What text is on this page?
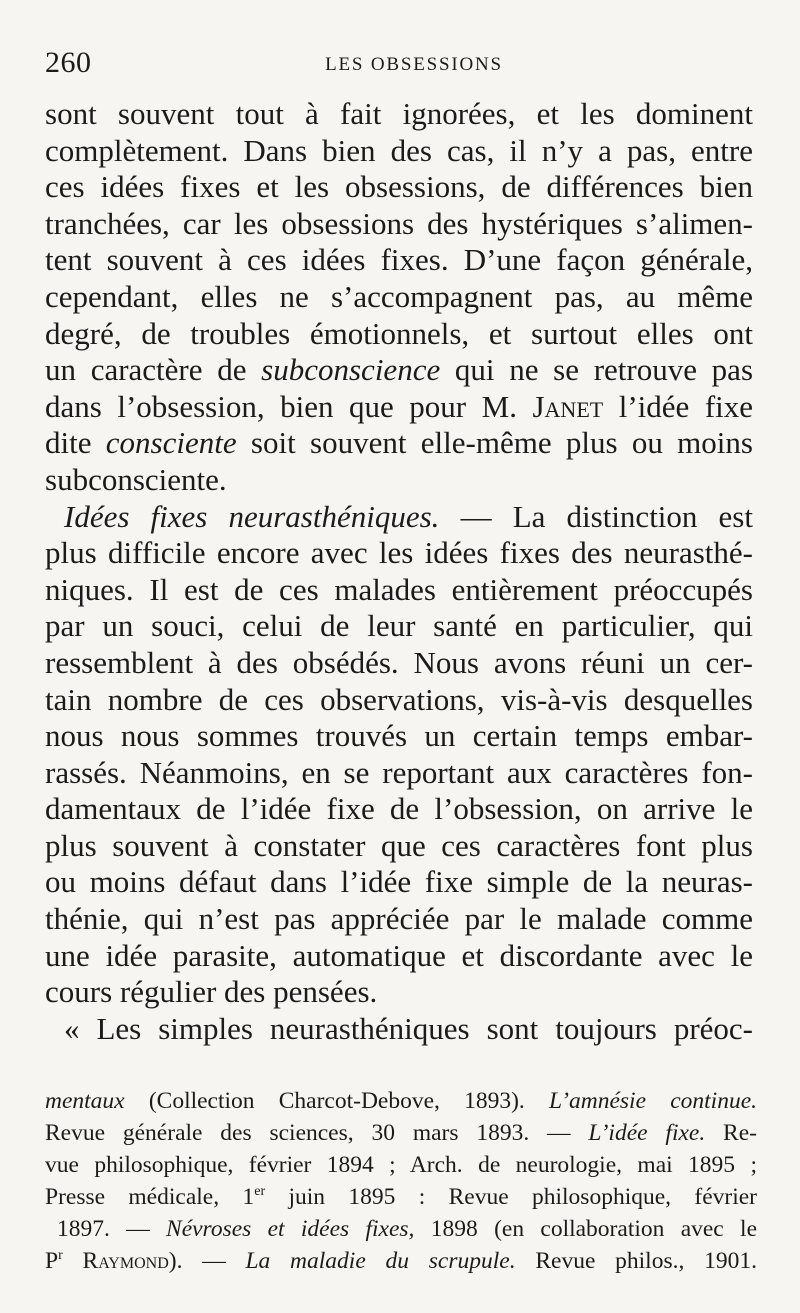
260	LES OBSESSIONS
sont souvent tout à fait ignorées, et les dominent
complètement. Dans bien des cas, il n’y a pas, entre
ces idées fixes et les obsessions, de différences bien
tranchées, car les obsessions des hystériques s’alimen-
tent souvent à ces idées fixes. D’une façon générale,
cependant, elles ne s’accompagnent pas, au même
degré, de troubles émotionnels, et surtout elles ont
un caractère de subconscience qui ne se retrouve pas
dans l’obsession, bien que pour M. Janet l’idée fixe
dite consciente soit souvent elle-même plus ou moins
subconsciente.
Idées fixes neurasthéniques. — La distinction est
plus difficile encore avec les idées fixes des neurasthé-
niques. Il est de ces malades entièrement préoccupés
par un souci, celui de leur santé en particulier, qui
ressemblent à des obsédés. Nous avons réuni un cer-
tain nombre de ces observations, vis-à-vis desquelles
nous nous sommes trouvés un certain temps embar-
rassés. Néanmoins, en se reportant aux caractères fon-
damentaux de l’idée fixe de l’obsession, on arrive le
plus souvent à constater que ces caractères font plus
ou moins défaut dans l’idée fixe simple de la neuras-
thénie, qui n’est pas appréciée par le malade comme
une idée parasite, automatique et discordante avec le
cours régulier des pensées.
« Les simples neurasthéniques sont toujours préoc-
mentaux (Collection Charcot-Debove, 1893). L’amnésie continue.
Revue générale des sciences, 30 mars 1893. — L’idée fixe. Re-
vue philosophique, février 1894 ; Arch. de neurologie, mai 1895 ;
Presse médicale, 1er juin 1895 : Revue philosophique, février
1897. — Névroses et idées fixes, 1898 (en collaboration avec le
$P^r$ Raymond). — La maladie du scrupule. Revue philos., 1901.
